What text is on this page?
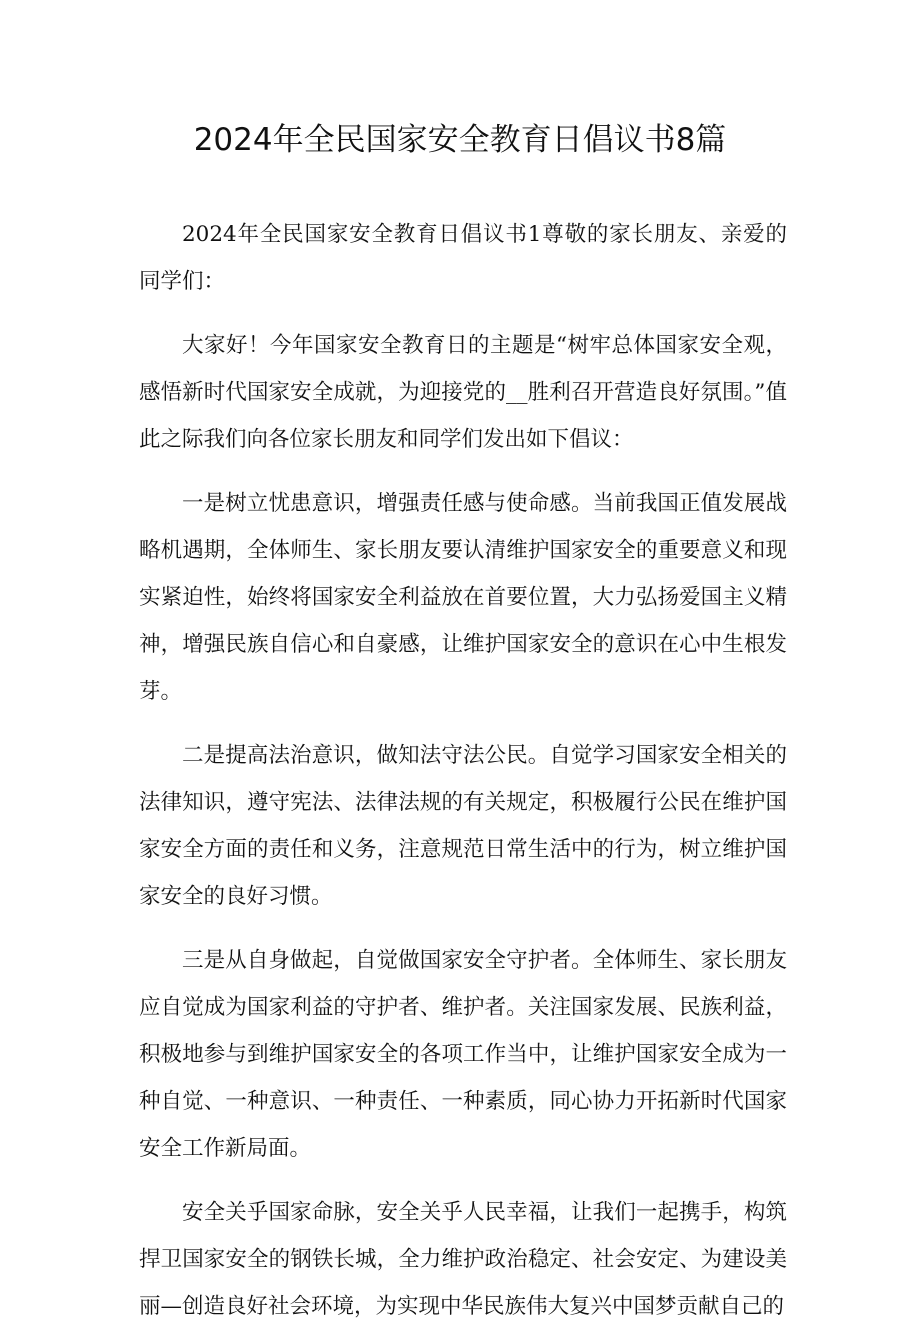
2024年全民国家安全教育日倡议书8篇

2024年全民国家安全教育日倡议书1尊敬的家长朋友、亲爱的同学们：

大家好！今年国家安全教育日的主题是“树牢总体国家安全观，感悟新时代国家安全成就，为迎接党的__胜利召开营造良好氛围。”值此之际我们向各位家长朋友和同学们发出如下倡议：

一是树立忧患意识，增强责任感与使命感。当前我国正值发展战略机遇期，全体师生、家长朋友要认清维护国家安全的重要意义和现实紧迫性，始终将国家安全利益放在首要位置，大力弘扬爱国主义精神，增强民族自信心和自豪感，让维护国家安全的意识在心中生根发芽。

二是提高法治意识，做知法守法公民。自觉学习国家安全相关的法律知识，遵守宪法、法律法规的有关规定，积极履行公民在维护国家安全方面的责任和义务，注意规范日常生活中的行为，树立维护国家安全的良好习惯。

三是从自身做起，自觉做国家安全守护者。全体师生、家长朋友应自觉成为国家利益的守护者、维护者。关注国家发展、民族利益，积极地参与到维护国家安全的各项工作当中，让维护国家安全成为一种自觉、一种意识、一种责任、一种素质，同心协力开拓新时代国家安全工作新局面。

安全关乎国家命脉，安全关乎人民幸福，让我们一起携手，构筑捍卫国家安全的钢铁长城，全力维护政治稳定、社会安定、为建设美丽—创造良好社会环境，为实现中华民族伟大复兴中国梦贡献自己的
